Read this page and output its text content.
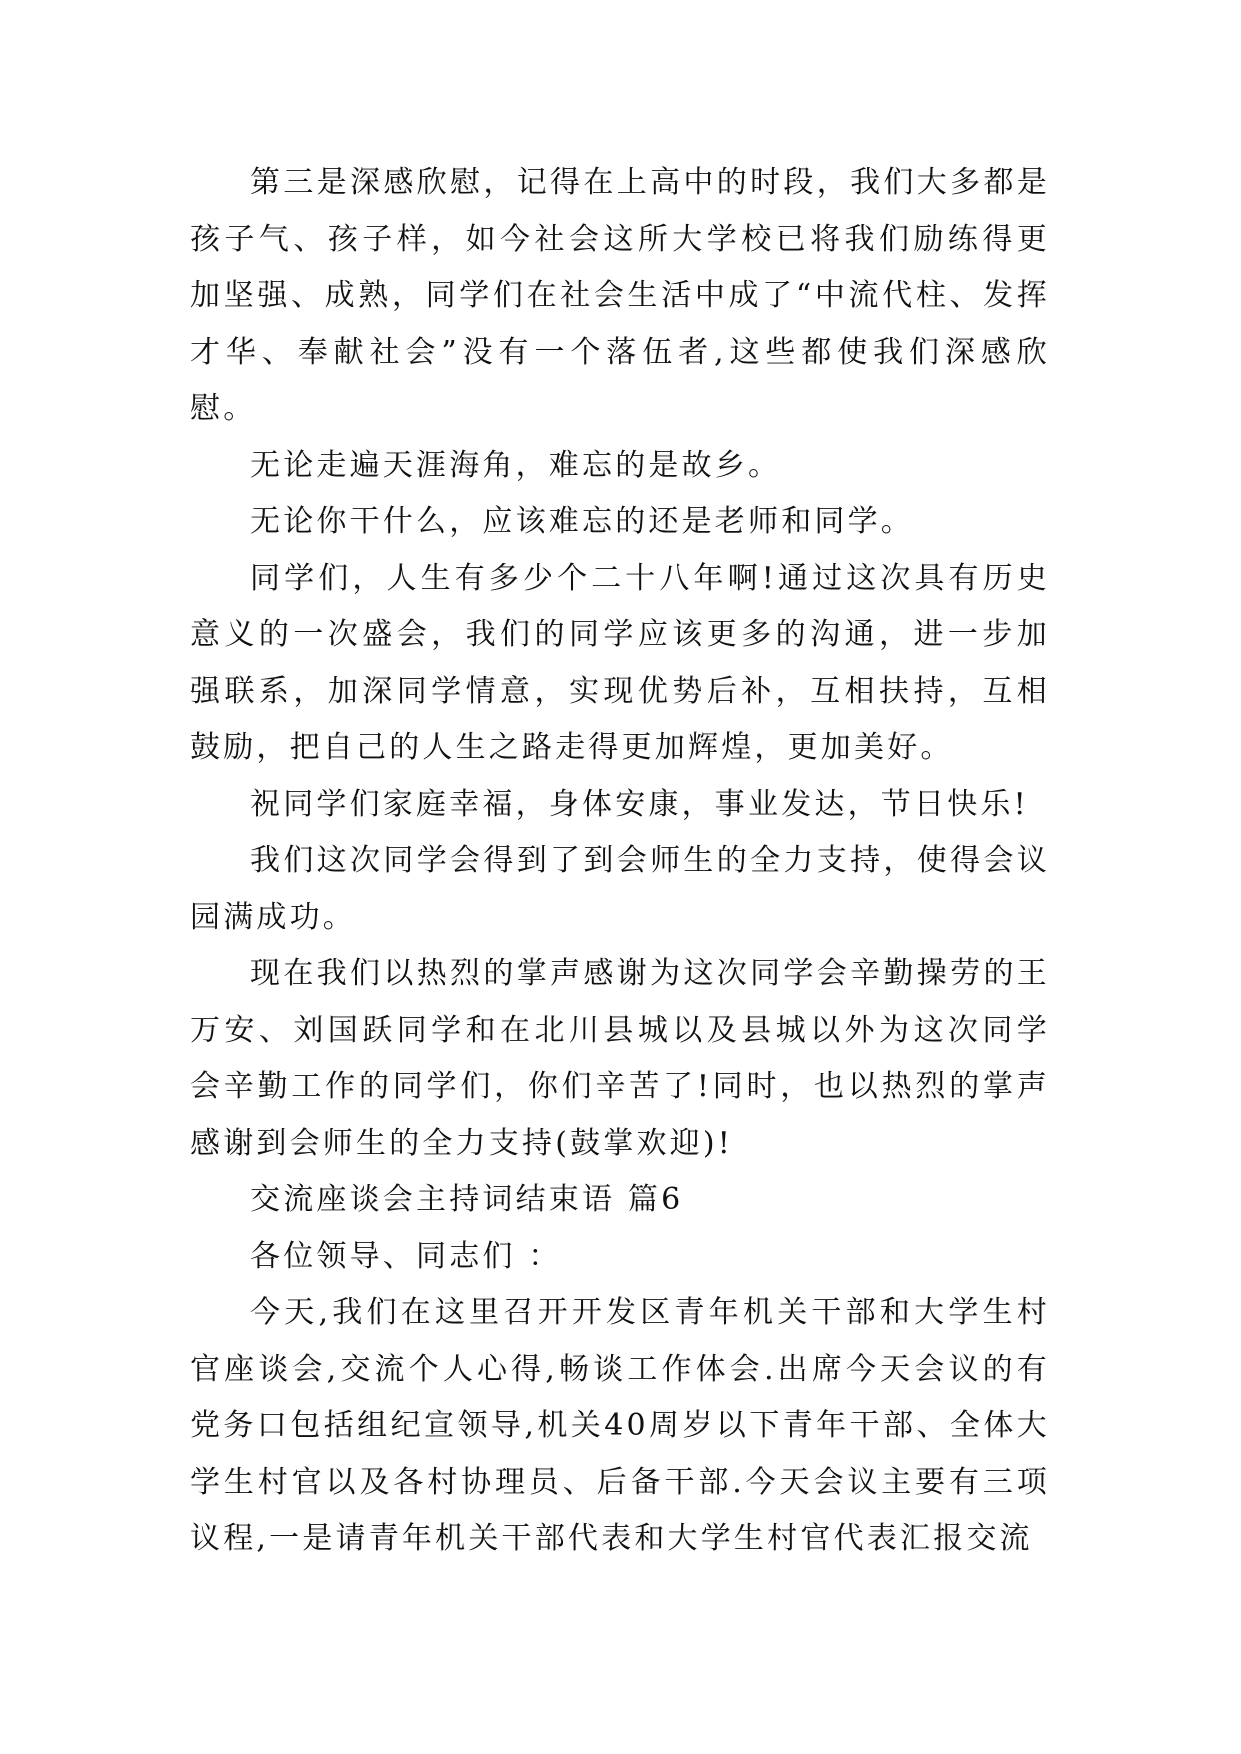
第三是深感欣慰，记得在上高中的时段，我们大多都是孩子气、孩子样，如今社会这所大学校已将我们励练得更加坚强、成熟，同学们在社会生活中成了“中流代柱、发挥才华、奉献社会”没有一个落伍者,这些都使我们深感欣慰。

无论走遍天涯海角，难忘的是故乡。

无论你干什么，应该难忘的还是老师和同学。

同学们，人生有多少个二十八年啊!通过这次具有历史意义的一次盛会，我们的同学应该更多的沟通，进一步加强联系，加深同学情意，实现优势后补，互相扶持，互相鼓励，把自己的人生之路走得更加辉煌，更加美好。

祝同学们家庭幸福，身体安康，事业发达，节日快乐!

我们这次同学会得到了到会师生的全力支持，使得会议园满成功。

现在我们以热烈的掌声感谢为这次同学会辛勤操劳的王万安、刘国跃同学和在北川县城以及县城以外为这次同学会辛勤工作的同学们，你们辛苦了!同时，也以热烈的掌声感谢到会师生的全力支持(鼓掌欢迎)!

交流座谈会主持词结束语 篇6

各位领导、同志们 ：

今天,我们在这里召开开发区青年机关干部和大学生村官座谈会,交流个人心得,畅谈工作体会.出席今天会议的有党务口包括组纪宣领导,机关40周岁以下青年干部、全体大学生村官以及各村协理员、后备干部.今天会议主要有三项议程,一是请青年机关干部代表和大学生村官代表汇报交流
